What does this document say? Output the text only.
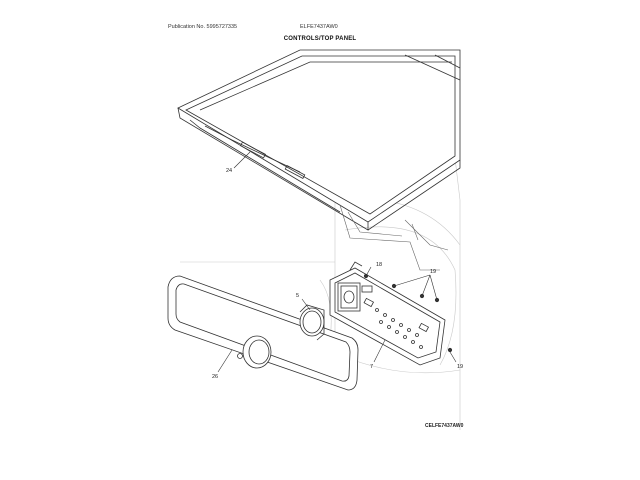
Publication No. 5995727335	ELFE7437AW0
CONTROLS/TOP PANEL
24
26
5
18
19
7	19
CELFE7437AW0
